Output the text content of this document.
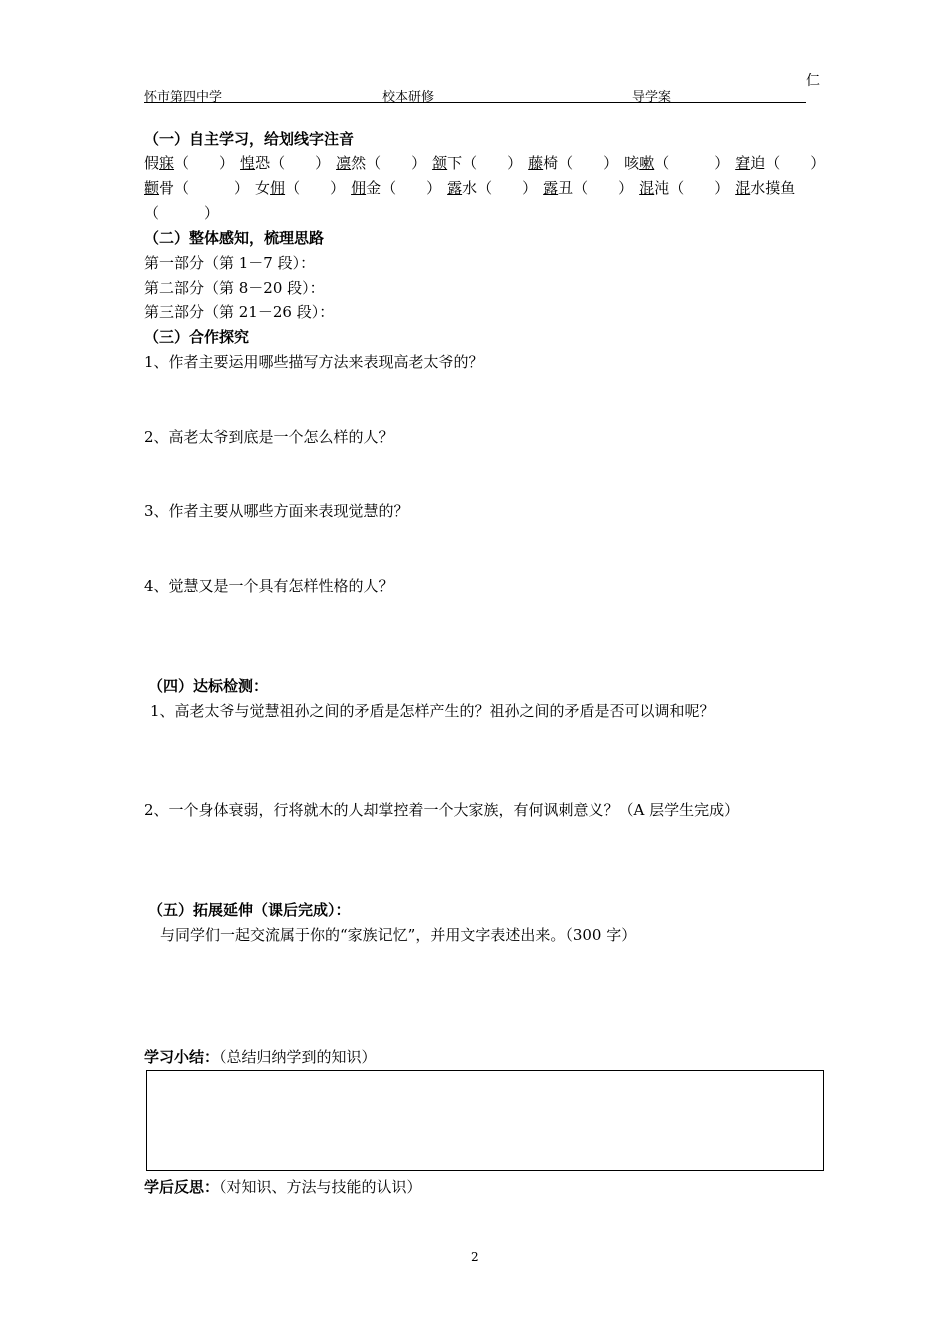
怀市第四中学	校本研修	导学案
仁
（一）自主学习，给划线字注音
假寐（　　） 惶恐（　　） 凛然（　　） 颔下（　　） 藤椅（　　） 咳嗽（　　　） 窘迫（　　）
颧骨（　　　） 女佣（　　） 佣金（　　） 露水（　　） 露丑（　　） 混沌（　　） 混水摸鱼
（　　　）
（二）整体感知，梳理思路
第一部分（第 1－7 段）：
第二部分（第 8－20 段）：
第三部分（第 21－26 段）：
（三）合作探究
1、作者主要运用哪些描写方法来表现高老太爷的？
2、高老太爷到底是一个怎么样的人？
3、作者主要从哪些方面来表现觉慧的？
4、觉慧又是一个具有怎样性格的人？
（四）达标检测：
1、高老太爷与觉慧祖孙之间的矛盾是怎样产生的？祖孙之间的矛盾是否可以调和呢？
2、一个身体衰弱，行将就木的人却掌控着一个大家族，有何讽刺意义？（A 层学生完成）
（五）拓展延伸（课后完成）：
与同学们一起交流属于你的“家族记忆”，并用文字表述出来。（300 字）
学习小结：（总结归纳学到的知识）
学后反思：（对知识、方法与技能的认识）
2
